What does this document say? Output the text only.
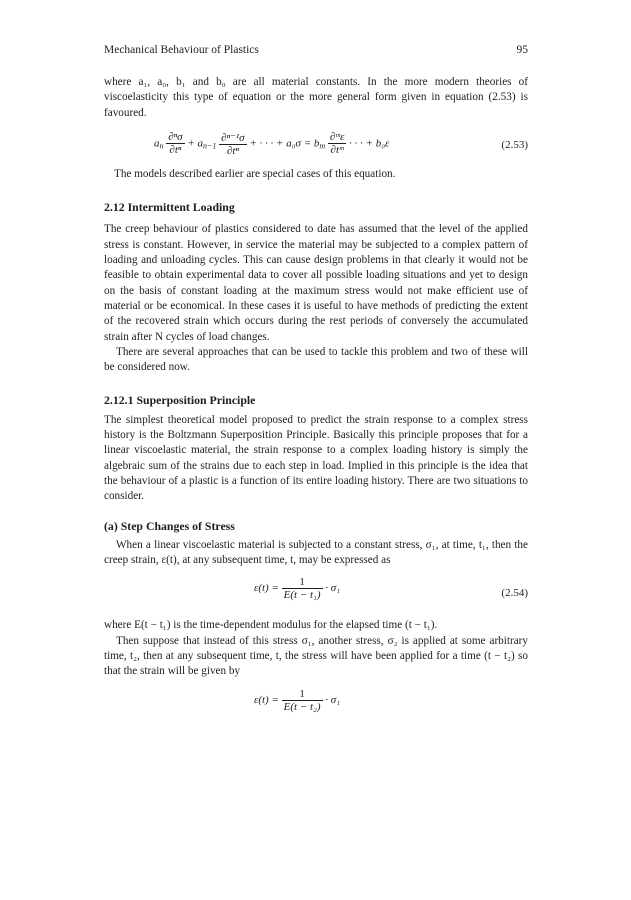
Mechanical Behaviour of Plastics	95

where a₁, a₀, b₁ and b₀ are all material constants. In the more modern theories of viscoelasticity this type of equation or the more general form given in equation (2.53) is favoured.

$a_n \frac{\text{∂ⁿσ}}{\text{∂tⁿ}} + a_{n-1} \frac{\text{∂ⁿ⁻¹σ}}{\text{∂tⁿ}}$ + · · · + $a_0\sigma = b_m \frac{\text{∂ᵐε}}{\text{∂tᵐ}}$ · · · + b₀ε	(2.53)

The models described earlier are special cases of this equation.

2.12 Intermittent Loading

The creep behaviour of plastics considered to date has assumed that the level of the applied stress is constant. However, in service the material may be subjected to a complex pattern of loading and unloading cycles. This can cause design problems in that clearly it would not be feasible to obtain experimental data to cover all possible loading situations and yet to design on the basis of constant loading at the maximum stress would not make efficient use of material or be economical. In these cases it is useful to have methods of predicting the extent of the recovered strain which occurs during the rest periods of conversely the accumulated strain after N cycles of load changes.

There are several approaches that can be used to tackle this problem and two of these will be considered now.

2.12.1 Superposition Principle

The simplest theoretical model proposed to predict the strain response to a complex stress history is the Boltzmann Superposition Principle. Basically this principle proposes that for a linear viscoelastic material, the strain response to a complex loading history is simply the algebraic sum of the strains due to each step in load. Implied in this principle is the idea that the behaviour of a plastic is a function of its entire loading history. There are two situations to consider.

(a) Step Changes of Stress

When a linear viscoelastic material is subjected to a constant stress, σ₁, at time, t₁, then the creep strain, ε(t), at any subsequent time, t, may be expressed as

$\varepsilon(t) = \frac{1}{\text{E(t − t₁)}} \cdot \sigma_1$	(2.54)

where E(t − t₁) is the time-dependent modulus for the elapsed time (t − t₁).

Then suppose that instead of this stress σ₁, another stress, σ₂ is applied at some arbitrary time, t₂, then at any subsequent time, t, the stress will have been applied for a time (t − t₂) so that the strain will be given by

$\varepsilon(t) = \frac{1}{\text{E(t − t₂)}} \cdot \sigma_1$
